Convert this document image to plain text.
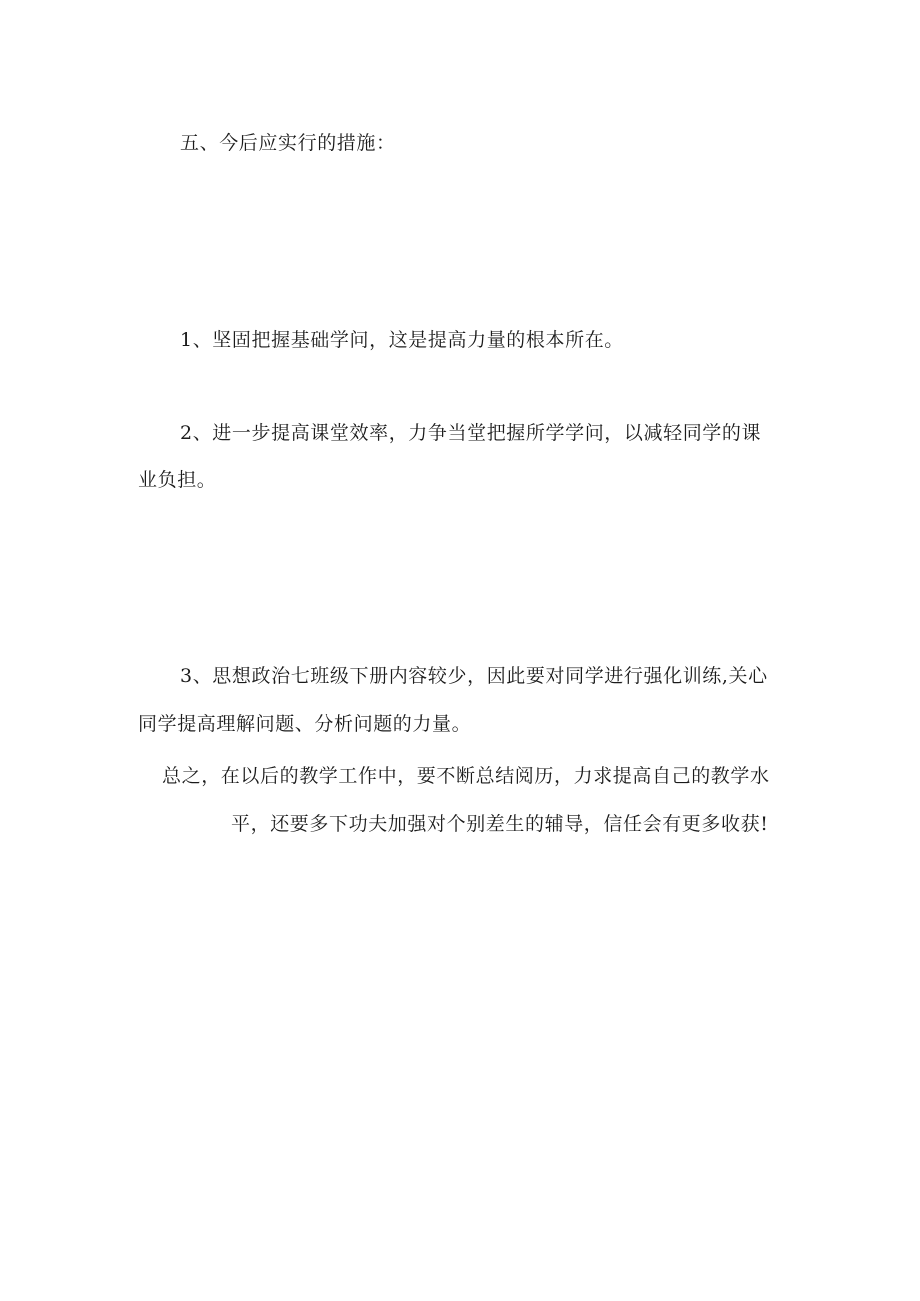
五、今后应实行的措施：
1、坚固把握基础学问，这是提高力量的根本所在。
2、进一步提高课堂效率，力争当堂把握所学学问，以减轻同学的课
业负担。
3、思想政治七班级下册内容较少，因此要对同学进行强化训练,关心
同学提高理解问题、分析问题的力量。
总之，在以后的教学工作中，要不断总结阅历，力求提高自己的教学水
平，还要多下功夫加强对个别差生的辅导，信任会有更多收获!
